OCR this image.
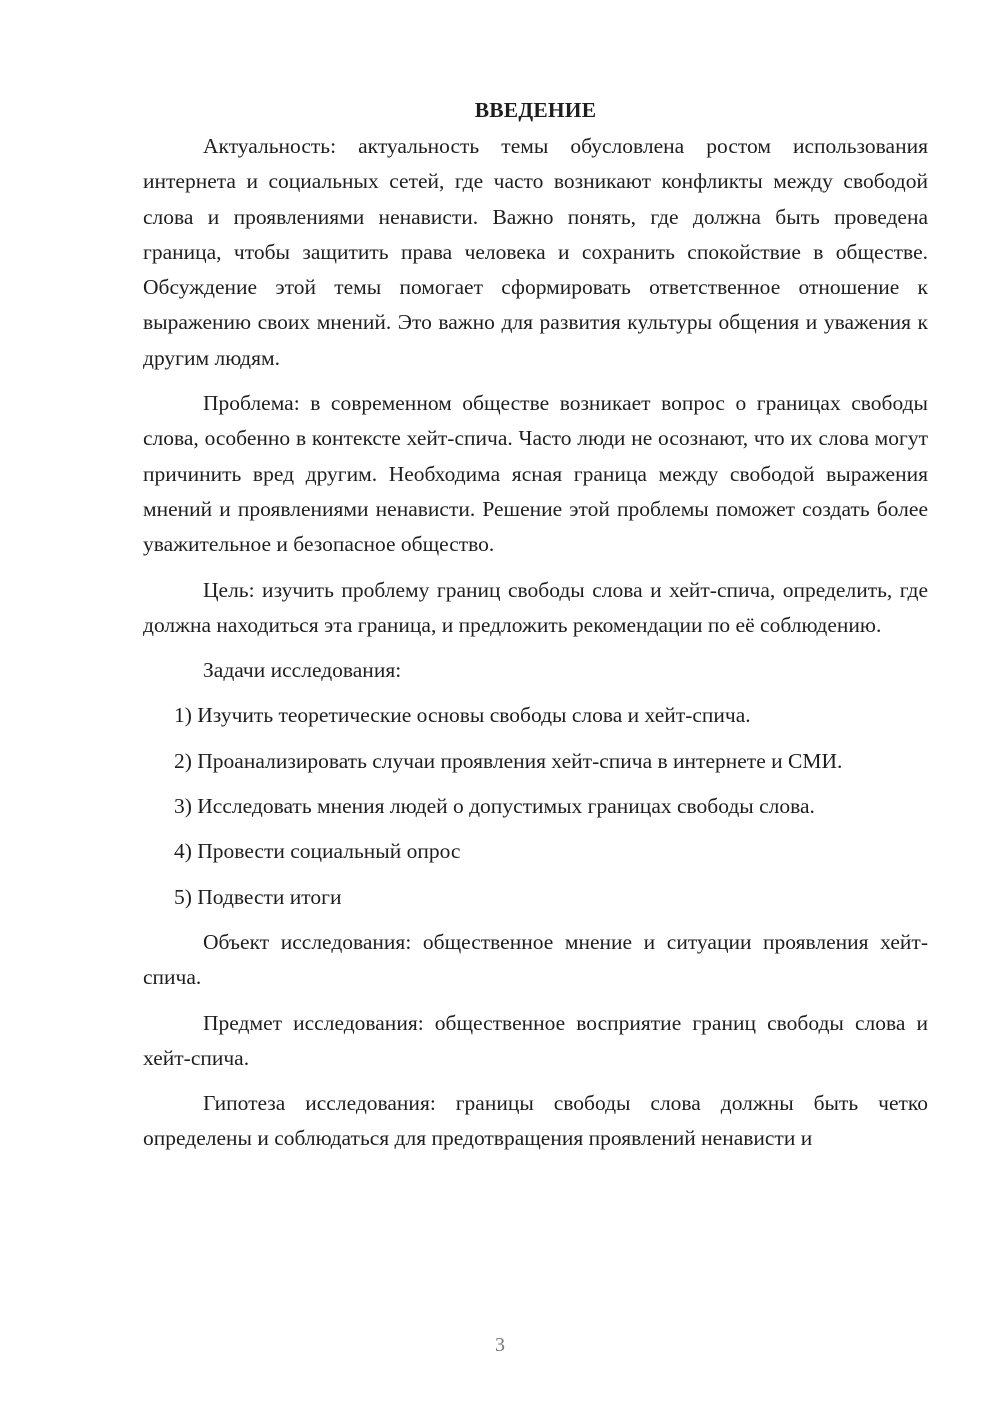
ВВЕДЕНИЕ

Актуальность: актуальность темы обусловлена ростом использования интернета и социальных сетей, где часто возникают конфликты между свободой слова и проявлениями ненависти. Важно понять, где должна быть проведена граница, чтобы защитить права человека и сохранить спокойствие в обществе. Обсуждение этой темы помогает сформировать ответственное отношение к выражению своих мнений. Это важно для развития культуры общения и уважения к другим людям.

Проблема: в современном обществе возникает вопрос о границах свободы слова, особенно в контексте хейт-спича. Часто люди не осознают, что их слова могут причинить вред другим. Необходима ясная граница между свободой выражения мнений и проявлениями ненависти. Решение этой проблемы поможет создать более уважительное и безопасное общество.

Цель: изучить проблему границ свободы слова и хейт-спича, определить, где должна находиться эта граница, и предложить рекомендации по её соблюдению.

Задачи исследования:

1) Изучить теоретические основы свободы слова и хейт-спича.

2) Проанализировать случаи проявления хейт-спича в интернете и СМИ.

3) Исследовать мнения людей о допустимых границах свободы слова.

4) Провести социальный опрос

5) Подвести итоги

Объект исследования: общественное мнение и ситуации проявления хейт-спича.

Предмет исследования: общественное восприятие границ свободы слова и хейт-спича.

Гипотеза исследования: границы свободы слова должны быть четко определены и соблюдаться для предотвращения проявлений ненависти и

3
